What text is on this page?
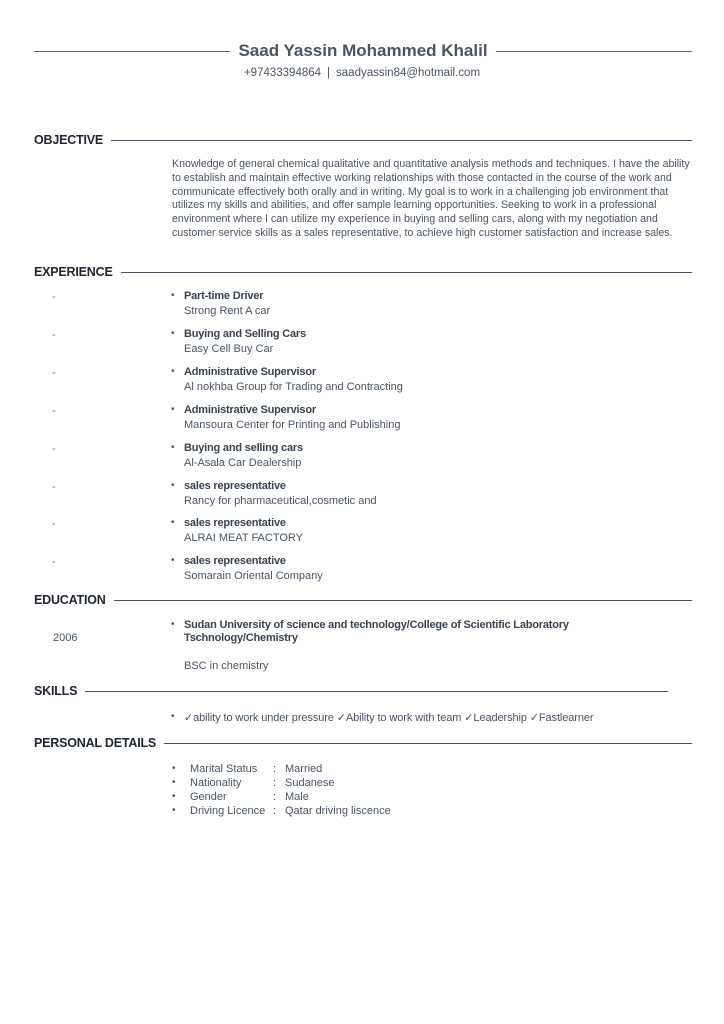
Saad Yassin Mohammed Khalil
+97433394864 | saadyassin84@hotmail.com
OBJECTIVE
Knowledge of general chemical qualitative and quantitative analysis methods and techniques. I have the ability to establish and maintain effective working relationships with those contacted in the course of the work and communicate effectively both orally and in writing. My goal is to work in a challenging job environment that utilizes my skills and abilities, and offer sample learning opportunities. Seeking to work in a professional environment where I can utilize my experience in buying and selling cars, along with my negotiation and customer service skills as a sales representative, to achieve high customer satisfaction and increase sales.
EXPERIENCE
-	• Part-time Driver
Strong Rent A car
-	• Buying and Selling Cars
Easy Cell Buy Car
-	• Administrative Supervisor
Al nokhba Group for Trading and Contracting
-	• Administrative Supervisor
Mansoura Center for Printing and Publishing
-	• Buying and selling cars
Al-Asala Car Dealership
-	• sales representative
Rancy for pharmaceutical,cosmetic and
-	• sales representative
ALRAI MEAT FACTORY
-	• sales representative
Somarain Oriental Company
EDUCATION
2006
• Sudan University of science and technology/College of Scientific Laboratory Tschnology/Chemistry
BSC in chemistry
SKILLS
• ✓ability to work under pressure ✓Ability to work with team ✓Leadership ✓Fastlearner
PERSONAL DETAILS
•	Marital Status	: Married
•	Nationality	: Sudanese
•	Gender	: Male
•	Driving Licence : Qatar driving liscence
